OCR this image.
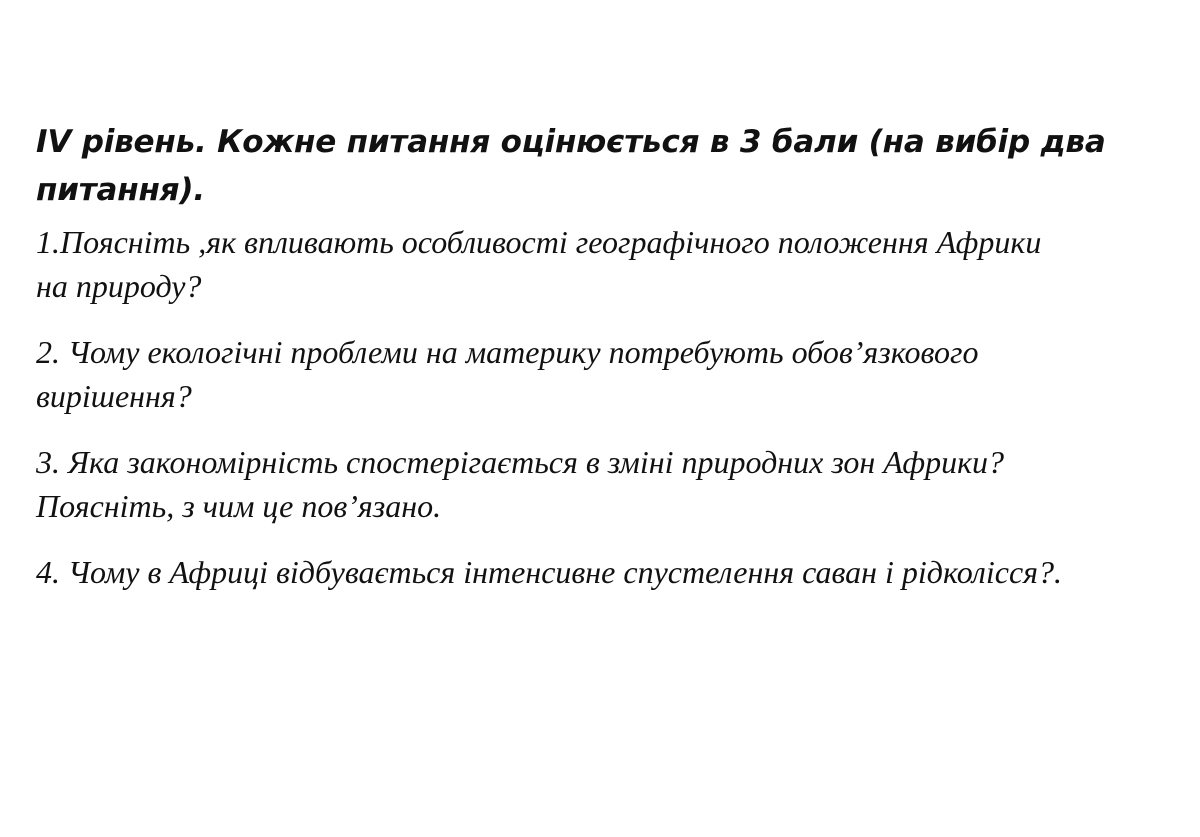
IV рівень. Кожне питання оцінюється в 3 бали (на вибір два
питання).

1.Поясніть ,як впливають особливості географічного положення Африки
на природу?

2. Чому екологічні проблеми на материку потребують обов’язкового
вирішення?

3. Яка закономірність спостерігається в зміні природних зон Африки?
Поясніть, з чим це пов’язано.

4. Чому в Африці відбувається інтенсивне спустелення саван і рідколісся?.
